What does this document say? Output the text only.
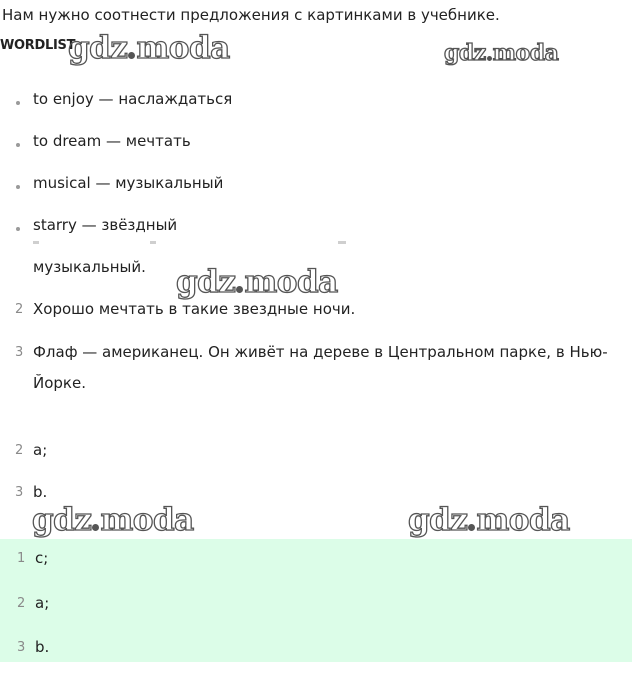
Нам нужно соотнести предложения с картинками в учебнике.
WORDLIST
gdz moda	gdz moda
to enjoy — наслаждаться
to dream — мечтать
musical — музыкальный
starry — звёздный
музыкальный. gdz moda
2 Хорошо мечтать в такие звездные ночи.
3 Флаф — американец. Он живёт на дереве в Центральном парке, в Нью-
Йорке.
2 a;
3 b.
gdz moda	gdz moda
1 c;
2 a;
3 b.
